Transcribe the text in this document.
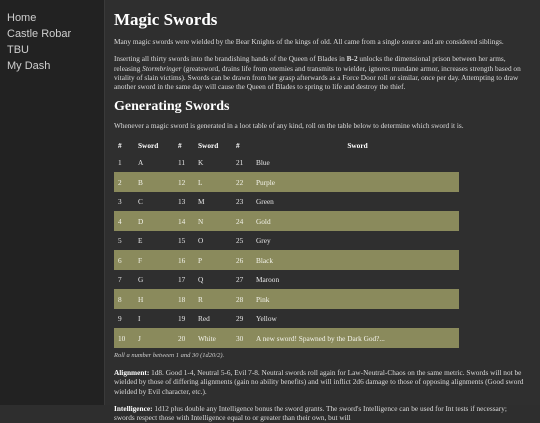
Home
Castle Robar
TBU
My Dash
Magic Swords

Many magic swords were wielded by the Bear Knights of the kings of old. All came from a single source and are considered siblings.

Inserting all thirty swords into the brandishing hands of the Queen of Blades in B-2 unlocks the dimensional prison between her arms, releasing Stormbringer (greatsword, drains life from enemies and transmits to wielder, ignores mundane armor, increases strength based on vitality of slain victims). Swords can be drawn from her grasp afterwards as a Force Door roll or similar, once per day. Attempting to draw another sword in the same day will cause the Queen of Blades to spring to life and destroy the thief.

Generating Swords

Whenever a magic sword is generated in a loot table of any kind, roll on the table below to determine which sword it is.

#	Sword	#	Sword	#	Sword
1	A	11	K	21	Blue
2	B	12	L	22	Purple
3	C	13	M	23	Green
4	D	14	N	24	Gold
5	E	15	O	25	Grey
6	F	16	P	26	Black
7	G	17	Q	27	Maroon
8	H	18	R	28	Pink
9	I	19	Red	29	Yellow
10	J	20	White	30	A new sword! Spawned by the Dark God?...

Roll a number between 1 and 30 (1d20/2).

Alignment: 1d8. Good 1-4, Neutral 5-6, Evil 7-8. Neutral swords roll again for Law-Neutral-Chaos on the same metric. Swords will not be wielded by those of differing alignments (gain no ability benefits) and will inflict 2d6 damage to those of opposing alignments (Good sword wielded by Evil character, etc.).

Intelligence: 1d12 plus double any Intelligence bonus the sword grants. The sword's Intelligence can be used for Int tests if necessary; swords respect those with Intelligence equal to or greater than their own, but will
